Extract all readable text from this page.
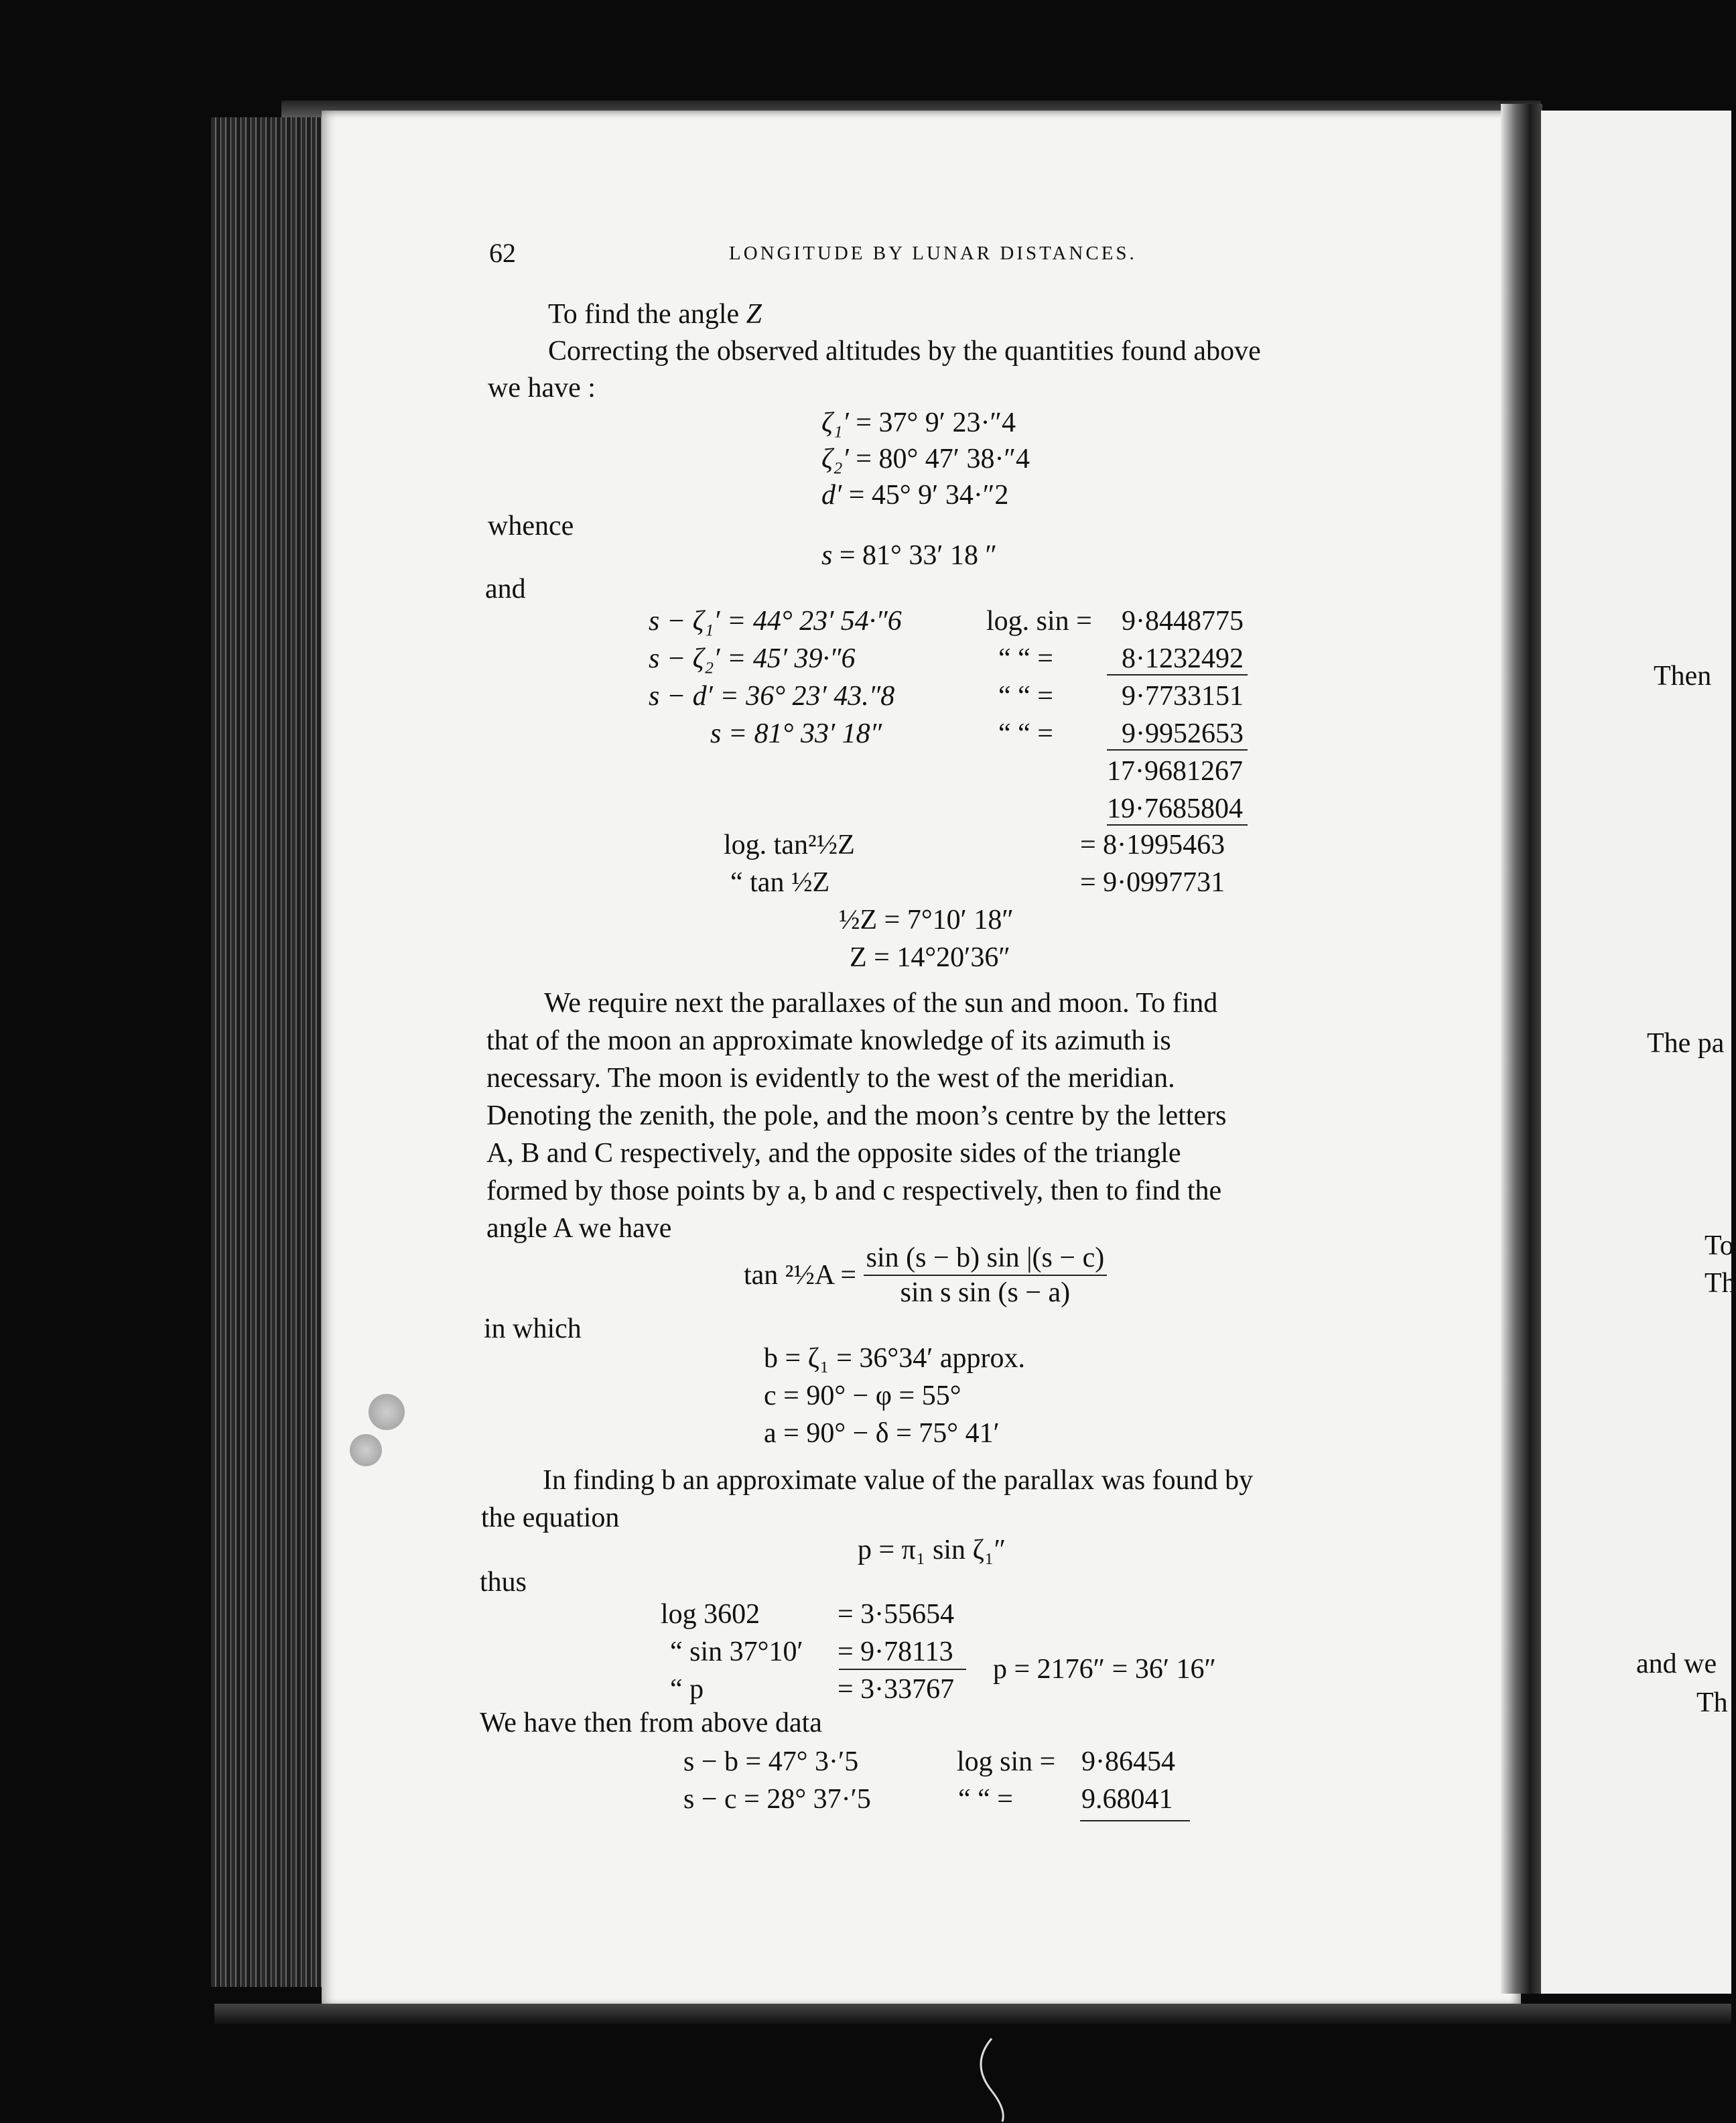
62	LONGITUDE BY LUNAR DISTANCES.
To find the angle Z
Correcting the observed altitudes by the quantities found above
we have :
ζ₁′ = 37° 9′ 23·″4
ζ₂′ = 80° 47′ 38·″4
d′ = 45° 9′ 34·″2
whence
s = 81° 33′ 18 ″
and
s − ζ₁′ = 44° 23′ 54·″6	log. sin = 9·8448775
s − ζ₂′ = 45′ 39·″6	“ “ = 8·1232492
s − d′ = 36° 23′ 43.″8	“ “ = 9·7733151
s = 81° 33′ 18″	“ “ = 9·9952653
17·9681267
19·7685804
log. tan²½Z	= 8·1995463
“ tan ½Z	= 9·0997731
½Z = 7°10′ 18″
Z = 14°20′36″
We require next the parallaxes of the sun and moon. To find
that of the moon an approximate knowledge of its azimuth is
necessary. The moon is evidently to the west of the meridian.
Denoting the zenith, the pole, and the moon’s centre by the letters
A, B and C respectively, and the opposite sides of the triangle
formed by those points by a, b and c respectively, then to find the
angle A we have
tan ²½A = $\frac{\sin (s - b) \sin |(s - c)}{\text{sin s sin (s − a)}}$
in which
b = ζ₁ = 36°34′ approx.
c = 90° − φ = 55°
a = 90° − δ = 75° 41′
In finding b an approximate value of the parallax was found by
the equation
p = π₁ sin ζ₁″
thus
log 3602	= 3·55654
“ sin 37°10′ = 9·78113
“ p	= 3·33767
p = 2176″ = 36′ 16″
We have then from above data
s − b = 47° 3·′5	log sin = 9·86454
s − c = 28° 37·′5	“ “ = 9.68041
Then
The pa
To
Th
and we
Th
